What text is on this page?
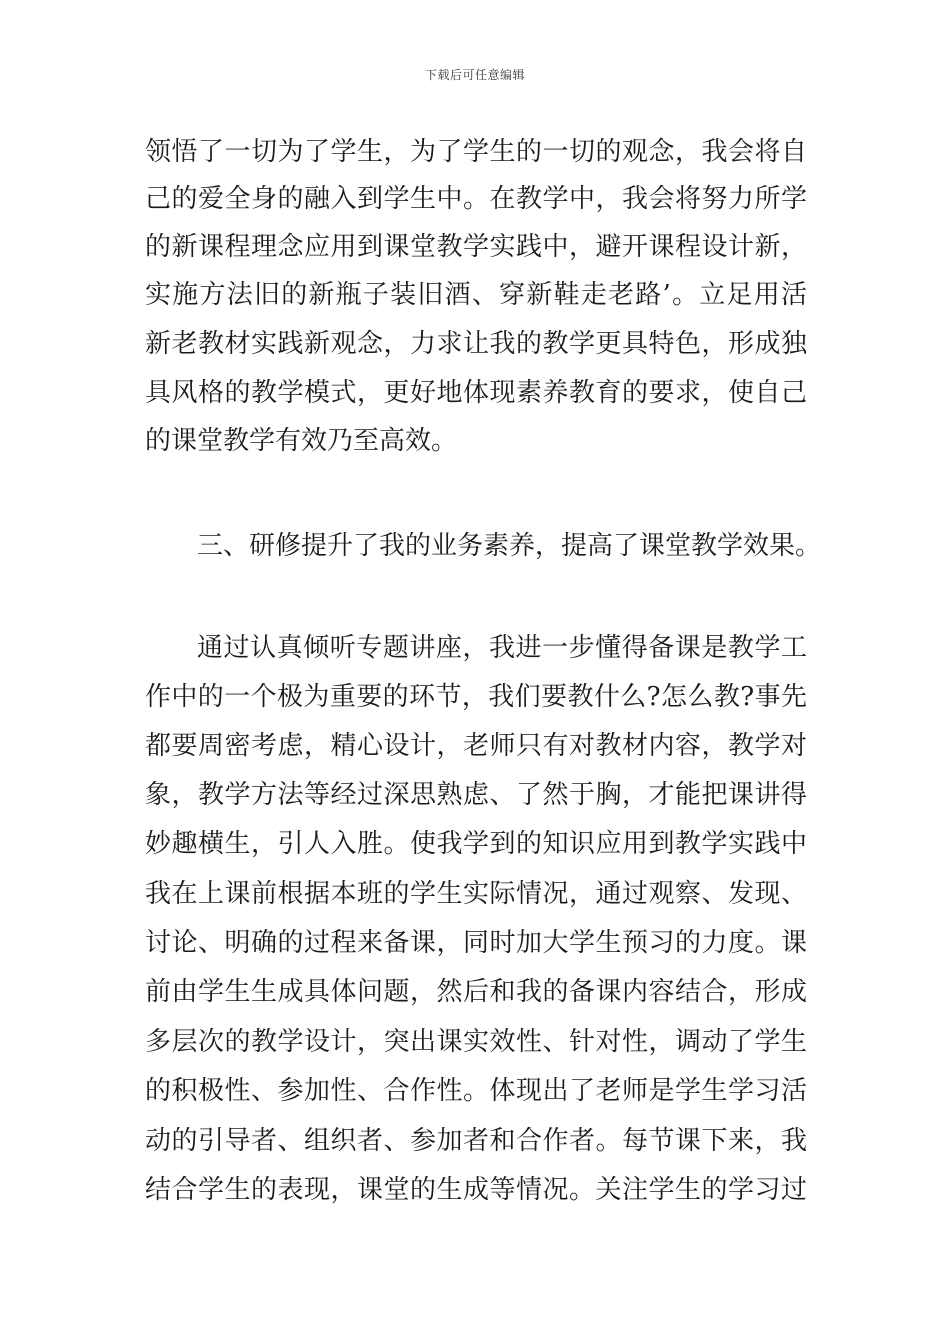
下载后可任意编辑
领悟了一切为了学生，为了学生的一切的观念，我会将自
己的爱全身的融入到学生中。在教学中，我会将努力所学
的新课程理念应用到课堂教学实践中，避开课程设计新，
实施方法旧的新瓶子装旧酒、穿新鞋走老路’。立足用活
新老教材实践新观念，力求让我的教学更具特色，形成独
具风格的教学模式，更好地体现素养教育的要求，使自己
的课堂教学有效乃至高效。
三、研修提升了我的业务素养，提高了课堂教学效果。
通过认真倾听专题讲座，我进一步懂得备课是教学工
作中的一个极为重要的环节，我们要教什么?怎么教?事先
都要周密考虑，精心设计，老师只有对教材内容，教学对
象，教学方法等经过深思熟虑、了然于胸，才能把课讲得
妙趣横生，引人入胜。使我学到的知识应用到教学实践中
我在上课前根据本班的学生实际情况，通过观察、发现、
讨论、明确的过程来备课，同时加大学生预习的力度。课
前由学生生成具体问题，然后和我的备课内容结合，形成
多层次的教学设计，突出课实效性、针对性，调动了学生
的积极性、参加性、合作性。体现出了老师是学生学习活
动的引导者、组织者、参加者和合作者。每节课下来，我
结合学生的表现，课堂的生成等情况。关注学生的学习过
